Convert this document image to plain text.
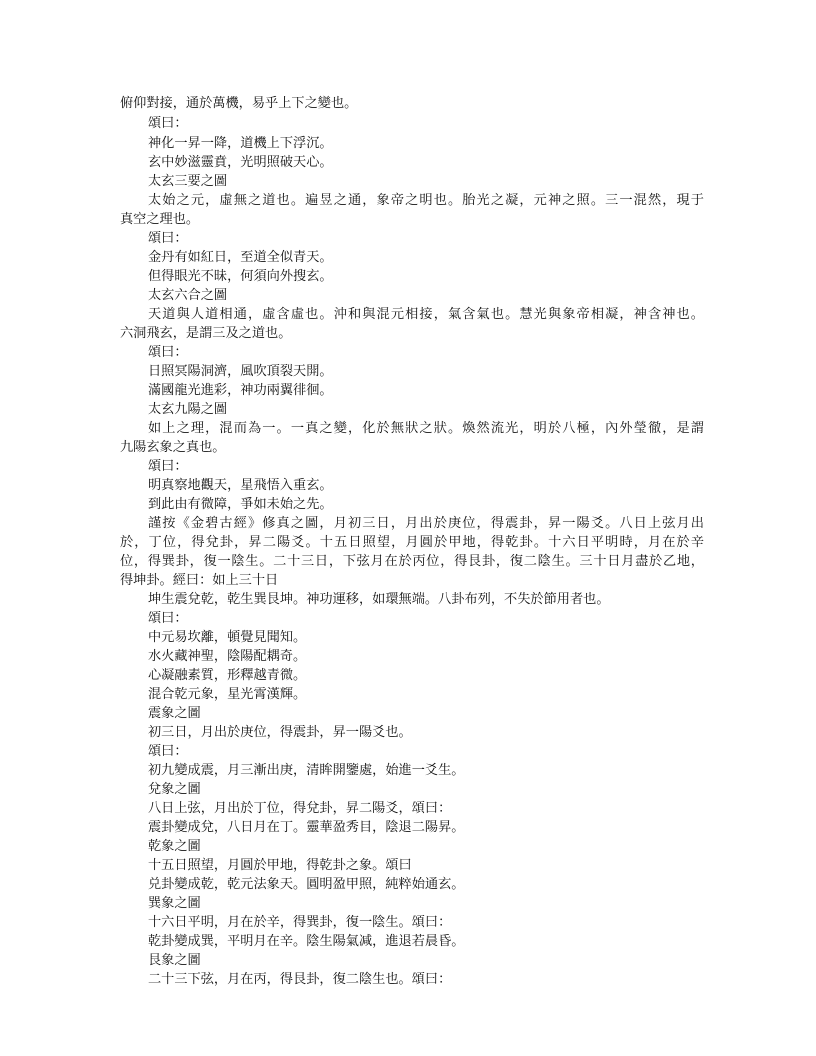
俯仰對接，通於萬機，易乎上下之變也。
頌曰：
神化一昇一降，道機上下浮沉。
玄中妙滋靈賁，光明照破天心。
太玄三要之圖
太始之元，虛無之道也。遍昱之通，象帝之明也。胎光之凝，元神之照。三一混然，現于
真空之理也。
頌曰：
金丹有如紅日，至道全似青天。
但得眼光不昧，何須向外搜玄。
太玄六合之圖
天道與人道相通，虛含虛也。沖和與混元相接，氣含氣也。慧光與象帝相凝，神含神也。
六洞飛玄，是謂三及之道也。
頌曰：
日照冥陽洞濟，風吹頂裂天開。
滿國龍光進彩，神功兩翼徘徊。
太玄九陽之圖
如上之理，混而為一。一真之變，化於無狀之狀。煥然流光，明於八極，內外瑩徹，是謂
九陽玄象之真也。
頌曰：
明真察地觀天，星飛悟入重玄。
到此由有微障，爭如未始之先。
謹按《金碧古經》修真之圖，月初三日，月出於庚位，得震卦，昇一陽爻。八日上弦月出
於，丁位，得兌卦，昇二陽爻。十五日照望，月圓於甲地，得乾卦。十六日平明時，月在於辛
位，得巽卦，復一陰生。二十三日，下弦月在於丙位，得艮卦，復二陰生。三十日月盡於乙地，
得坤卦。經曰：如上三十日
坤生震兌乾，乾生巽艮坤。神功運移，如環無端。八卦布列，不失於節用者也。
頌曰：
中元易坎離，頓覺見聞知。
水火藏神聖，陰陽配耦奇。
心凝融素質，形釋越青微。
混合乾元象，星光霄漢輝。
震象之圖
初三日，月出於庚位，得震卦，昇一陽爻也。
頌曰：
初九變成震，月三漸出庚，清眸開鑒處，始進一爻生。
兌象之圖
八日上弦，月出於丁位，得兌卦，昇二陽爻，頌曰：
震卦變成兌，八日月在丁。靈華盈秀目，陰退二陽昇。
乾象之圖
十五日照望，月圓於甲地，得乾卦之象。頌曰
兑卦變成乾，乾元法象天。圓明盈甲照，純粹始通玄。
巽象之圖
十六日平明，月在於辛，得巽卦，復一陰生。頌曰：
乾卦變成巽，平明月在辛。陰生陽氣减，進退若晨昏。
艮象之圖
二十三下弦，月在丙，得艮卦，復二陰生也。頌曰：
